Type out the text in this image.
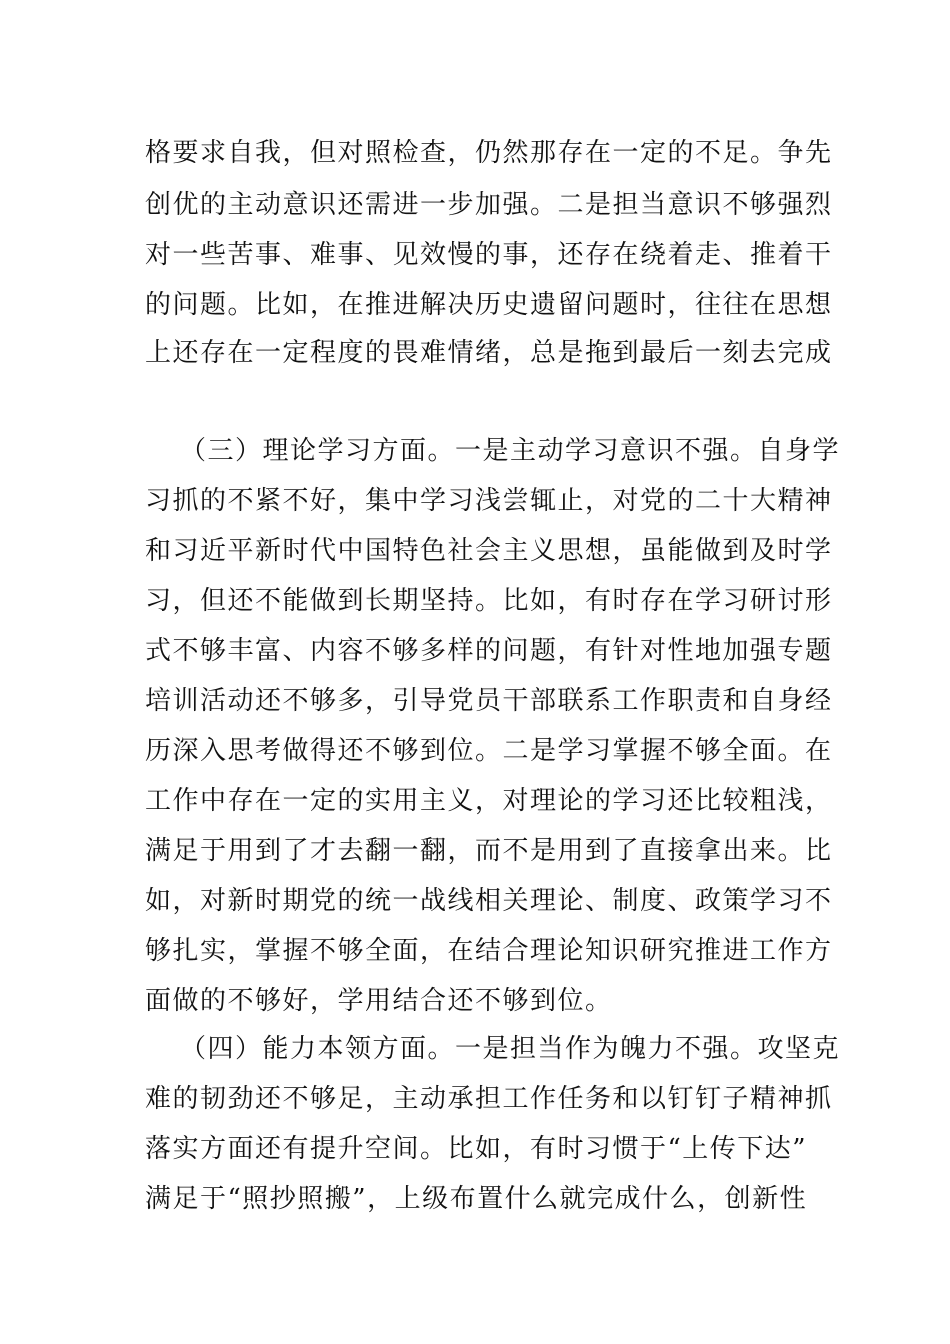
格要求自我，但对照检查，仍然那存在一定的不足。争先
创优的主动意识还需进一步加强。二是担当意识不够强烈
对一些苦事、难事、见效慢的事，还存在绕着走、推着干
的问题。比如，在推进解决历史遗留问题时，往往在思想
上还存在一定程度的畏难情绪，总是拖到最后一刻去完成
（三）理论学习方面。一是主动学习意识不强。自身学
习抓的不紧不好，集中学习浅尝辄止，对党的二十大精神
和习近平新时代中国特色社会主义思想，虽能做到及时学
习，但还不能做到长期坚持。比如，有时存在学习研讨形
式不够丰富、内容不够多样的问题，有针对性地加强专题
培训活动还不够多，引导党员干部联系工作职责和自身经
历深入思考做得还不够到位。二是学习掌握不够全面。在
工作中存在一定的实用主义，对理论的学习还比较粗浅，
满足于用到了才去翻一翻，而不是用到了直接拿出来。比
如，对新时期党的统一战线相关理论、制度、政策学习不
够扎实，掌握不够全面，在结合理论知识研究推进工作方
面做的不够好，学用结合还不够到位。
（四）能力本领方面。一是担当作为魄力不强。攻坚克
难的韧劲还不够足，主动承担工作任务和以钉钉子精神抓
落实方面还有提升空间。比如，有时习惯于“上传下达”
满足于“照抄照搬”，上级布置什么就完成什么，创新性
